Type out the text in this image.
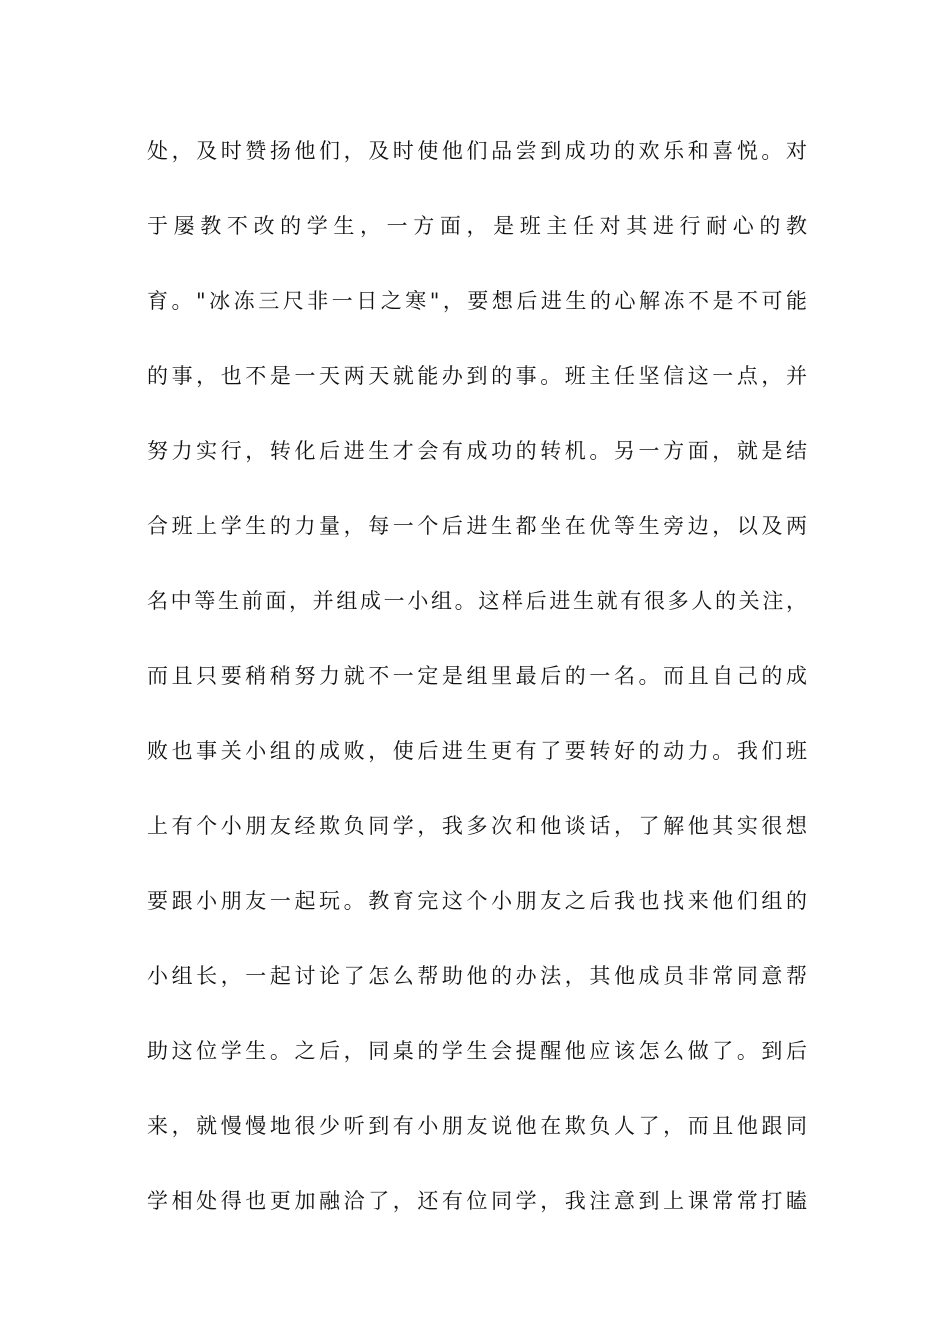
处，及时赞扬他们，及时使他们品尝到成功的欢乐和喜悦。对
于屡教不改的学生，一方面，是班主任对其进行耐心的教
育。"冰冻三尺非一日之寒"，要想后进生的心解冻不是不可能
的事，也不是一天两天就能办到的事。班主任坚信这一点，并
努力实行，转化后进生才会有成功的转机。另一方面，就是结
合班上学生的力量，每一个后进生都坐在优等生旁边，以及两
名中等生前面，并组成一小组。这样后进生就有很多人的关注，
而且只要稍稍努力就不一定是组里最后的一名。而且自己的成
败也事关小组的成败，使后进生更有了要转好的动力。我们班
上有个小朋友经欺负同学，我多次和他谈话，了解他其实很想
要跟小朋友一起玩。教育完这个小朋友之后我也找来他们组的
小组长，一起讨论了怎么帮助他的办法，其他成员非常同意帮
助这位学生。之后，同桌的学生会提醒他应该怎么做了。到后
来，就慢慢地很少听到有小朋友说他在欺负人了，而且他跟同
学相处得也更加融洽了，还有位同学，我注意到上课常常打瞌
